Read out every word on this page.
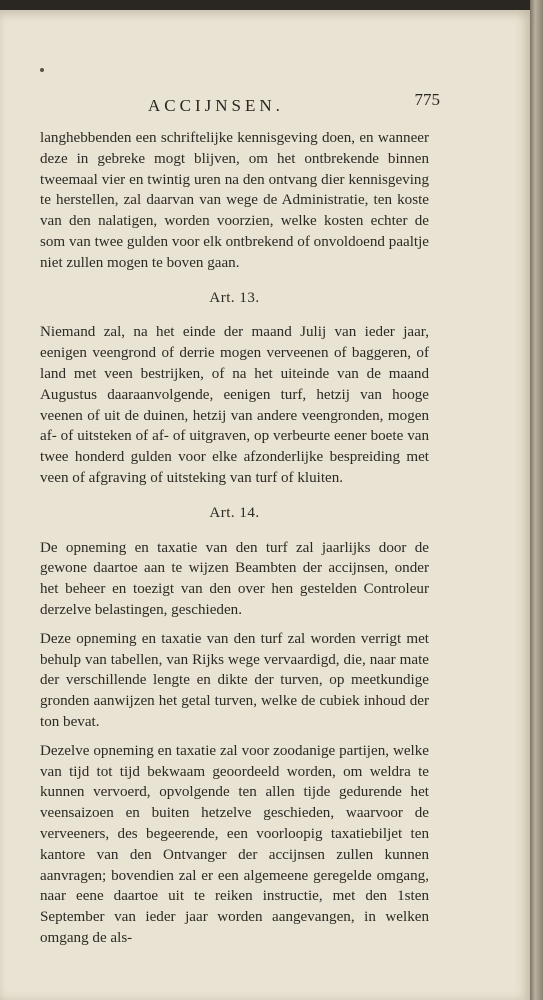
ACCIJNSEN.	775

langhebbenden een schriftelijke kennisgeving doen, en wanneer deze in gebreke mogt blijven, om het ontbrekende binnen tweemaal vier en twintig uren na den ontvang dier kennisgeving te herstellen, zal daarvan van wege de Administratie, ten koste van den nalatigen, worden voorzien, welke kosten echter de som van twee gulden voor elk ontbrekend of onvoldoend paaltje niet zullen mogen te boven gaan.

Art. 13.

Niemand zal, na het einde der maand Julij van ieder jaar, eenigen veengrond of derrie mogen verveenen of baggeren, of land met veen bestrijken, of na het uiteinde van de maand Augustus daaraanvolgende, eenigen turf, hetzij van hooge veenen of uit de duinen, hetzij van andere veengronden, mogen af- of uitsteken of af- of uitgraven, op verbeurte eener boete van twee honderd gulden voor elke afzonderlijke bespreiding met veen of afgraving of uitsteking van turf of kluiten.

Art. 14.

De opneming en taxatie van den turf zal jaarlijks door de gewone daartoe aan te wijzen Beambten der accijnsen, onder het beheer en toezigt van den over hen gestelden Controleur derzelve belastingen, geschieden.

Deze opneming en taxatie van den turf zal worden verrigt met behulp van tabellen, van Rijks wege vervaardigd, die, naar mate der verschillende lengte en dikte der turven, op meetkundige gronden aanwijzen het getal turven, welke de cubiek inhoud der ton bevat.

Dezelve opneming en taxatie zal voor zoodanige partijen, welke van tijd tot tijd bekwaam geoordeeld worden, om weldra te kunnen vervoerd, opvolgende ten allen tijde gedurende het veensaizoen en buiten hetzelve geschieden, waarvoor de verveeners, des begeerende, een voorloopig taxatiebiljet ten kantore van den Ontvanger der accijnsen zullen kunnen aanvragen; bovendien zal er een algemeene geregelde omgang, naar eene daartoe uit te reiken instructie, met den 1sten September van ieder jaar worden aangevangen, in welken omgang de als-
